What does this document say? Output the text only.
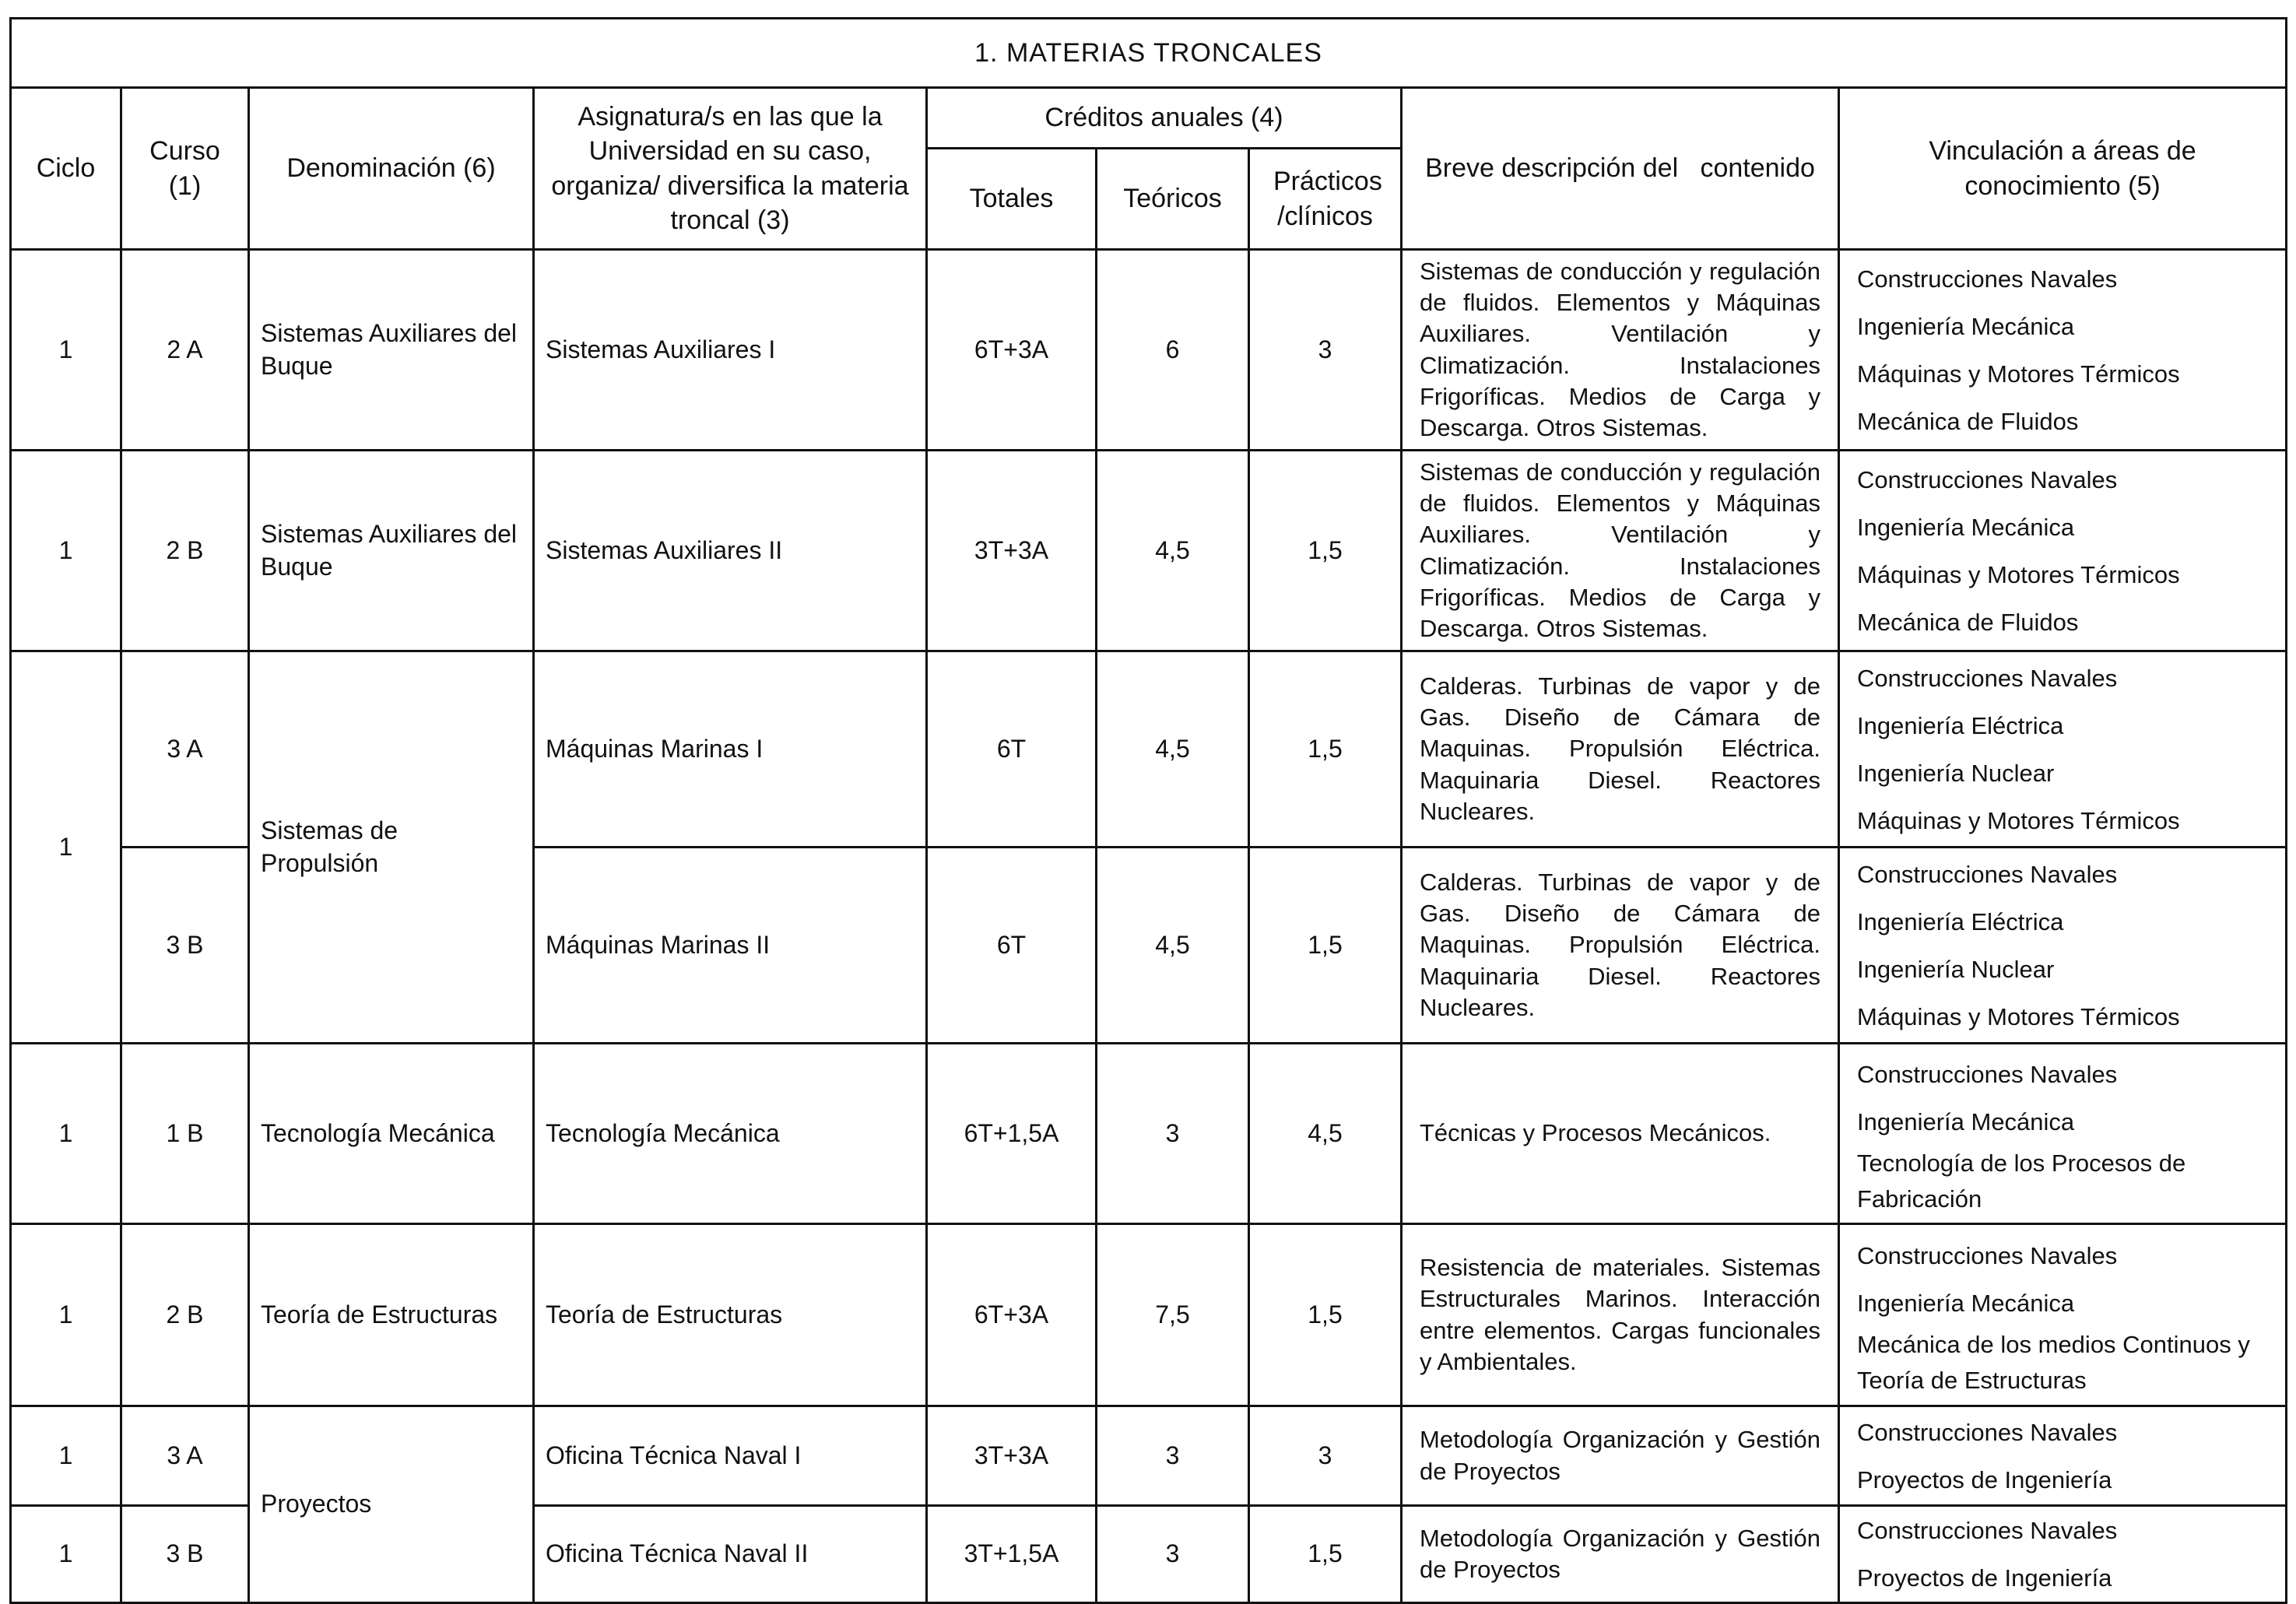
1. MATERIAS TRONCALES								
Ciclo	Curso (1)	Denominación (6)	Asignatura/s en las que la Universidad en su caso, organiza/ diversifica la materia troncal (3)	Créditos anuales (4)			Breve descripción del   contenido	Vinculación a áreas de conocimiento (5)
				Totales	Teóricos	Prácticos /clínicos		
1	2 A	Sistemas Auxiliares del Buque	Sistemas Auxiliares I	6T+3A	6	3	Sistemas de conducción y regulación de fluidos. Elementos y Máquinas Auxiliares. Ventilación y Climatización. Instalaciones Frigoríficas. Medios de Carga y Descarga. Otros Sistemas.	Construcciones Navales
Ingeniería Mecánica
Máquinas y Motores Térmicos
Mecánica de Fluidos

1	2 B	Sistemas Auxiliares del Buque	Sistemas Auxiliares II	3T+3A	4,5	1,5	Sistemas de conducción y regulación de fluidos. Elementos y Máquinas Auxiliares. Ventilación y Climatización. Instalaciones Frigoríficas. Medios de Carga y Descarga. Otros Sistemas.	Construcciones Navales
Ingeniería Mecánica
Máquinas y Motores Térmicos
Mecánica de Fluidos

1	3 A	Sistemas de Propulsión	Máquinas Marinas I	6T	4,5	1,5	Calderas. Turbinas de vapor y de Gas. Diseño de Cámara de Maquinas. Propulsión Eléctrica. Maquinaria Diesel. Reactores Nucleares.	Construcciones Navales
Ingeniería Eléctrica
Ingeniería Nuclear
Máquinas y Motores Térmicos

	3 B		Máquinas Marinas II	6T	4,5	1,5	Calderas. Turbinas de vapor y de Gas. Diseño de Cámara de Maquinas. Propulsión Eléctrica. Maquinaria Diesel. Reactores Nucleares.	Construcciones Navales
Ingeniería Eléctrica
Ingeniería Nuclear
Máquinas y Motores Térmicos

1	1 B	Tecnología Mecánica	Tecnología Mecánica	6T+1,5A	3	4,5	Técnicas y Procesos Mecánicos.	Construcciones Navales
Ingeniería Mecánica
Tecnología de los Procesos de Fabricación

1	2 B	Teoría de Estructuras	Teoría de Estructuras	6T+3A	7,5	1,5	Resistencia de materiales. Sistemas Estructurales Marinos. Interacción entre elementos. Cargas funcionales y Ambientales.	Construcciones Navales
Ingeniería Mecánica
Mecánica de los medios Continuos y Teoría de Estructuras

1	3 A	Proyectos	Oficina Técnica Naval I	3T+3A	3	3	Metodología Organización y Gestión de Proyectos	Construcciones Navales
Proyectos de Ingeniería

1	3 B		Oficina Técnica Naval II	3T+1,5A	3	1,5	Metodología Organización y Gestión de Proyectos	Construcciones Navales
Proyectos de Ingeniería
